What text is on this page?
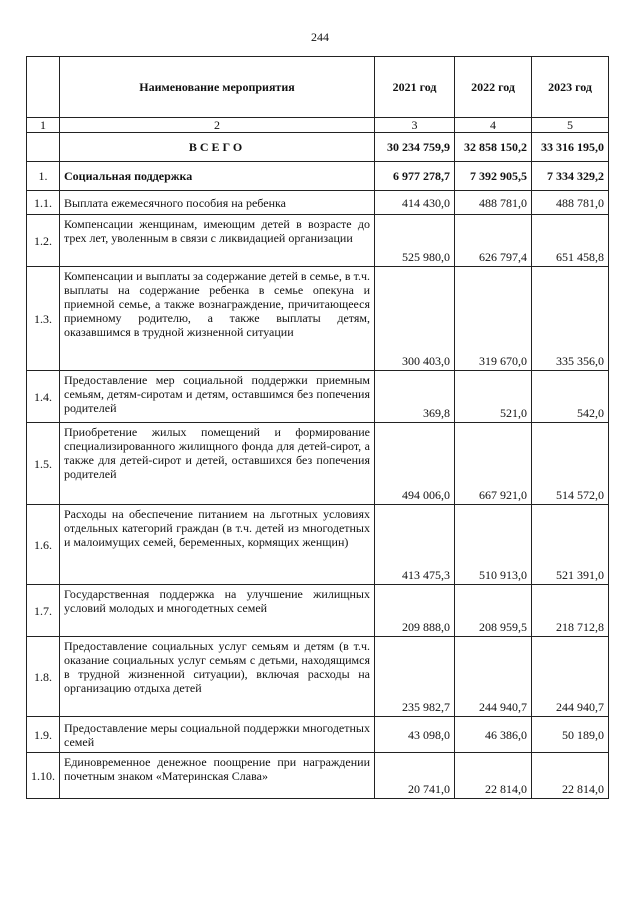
244
	Наименование мероприятия	2021 год	2022 год	2023 год
1	2	3	4	5
	ВСЕГО	30 234 759,9	32 858 150,2	33 316 195,0
1.	Социальная поддержка	6 977 278,7	7 392 905,5	7 334 329,2
1.1.	Выплата ежемесячного пособия на ребенка	414 430,0	488 781,0	488 781,0
1.2.	Компенсации женщинам, имеющим детей в возрасте до трех лет, уволенным в связи с ликвидацией организации	525 980,0	626 797,4	651 458,8
1.3.	Компенсации и выплаты за содержание детей в семье, в т.ч. выплаты на содержание ребенка в семье опекуна и приемной семье, а также вознаграждение, причитающееся приемному родителю, а также выплаты детям, оказавшимся в трудной жизненной ситуации	300 403,0	319 670,0	335 356,0
1.4.	Предоставление мер социальной поддержки приемным семьям, детям-сиротам и детям, оставшимся без попечения родителей	369,8	521,0	542,0
1.5.	Приобретение жилых помещений и формирование специализированного жилищного фонда для детей-сирот, а также для детей-сирот и детей, оставшихся без попечения родителей	494 006,0	667 921,0	514 572,0
1.6.	Расходы на обеспечение питанием на льготных условиях отдельных категорий граждан (в т.ч. детей из многодетных и малоимущих семей, беременных, кормящих женщин)	413 475,3	510 913,0	521 391,0
1.7.	Государственная поддержка на улучшение жилищных условий молодых и многодетных семей	209 888,0	208 959,5	218 712,8
1.8.	Предоставление социальных услуг семьям и детям (в т.ч. оказание социальных услуг семьям с детьми, находящимся в трудной жизненной ситуации), включая расходы на организацию отдыха детей	235 982,7	244 940,7	244 940,7
1.9.	Предоставление меры социальной поддержки многодетных семей	43 098,0	46 386,0	50 189,0
1.10.	Единовременное денежное поощрение при награждении почетным знаком «Материнская Слава»	20 741,0	22 814,0	22 814,0
